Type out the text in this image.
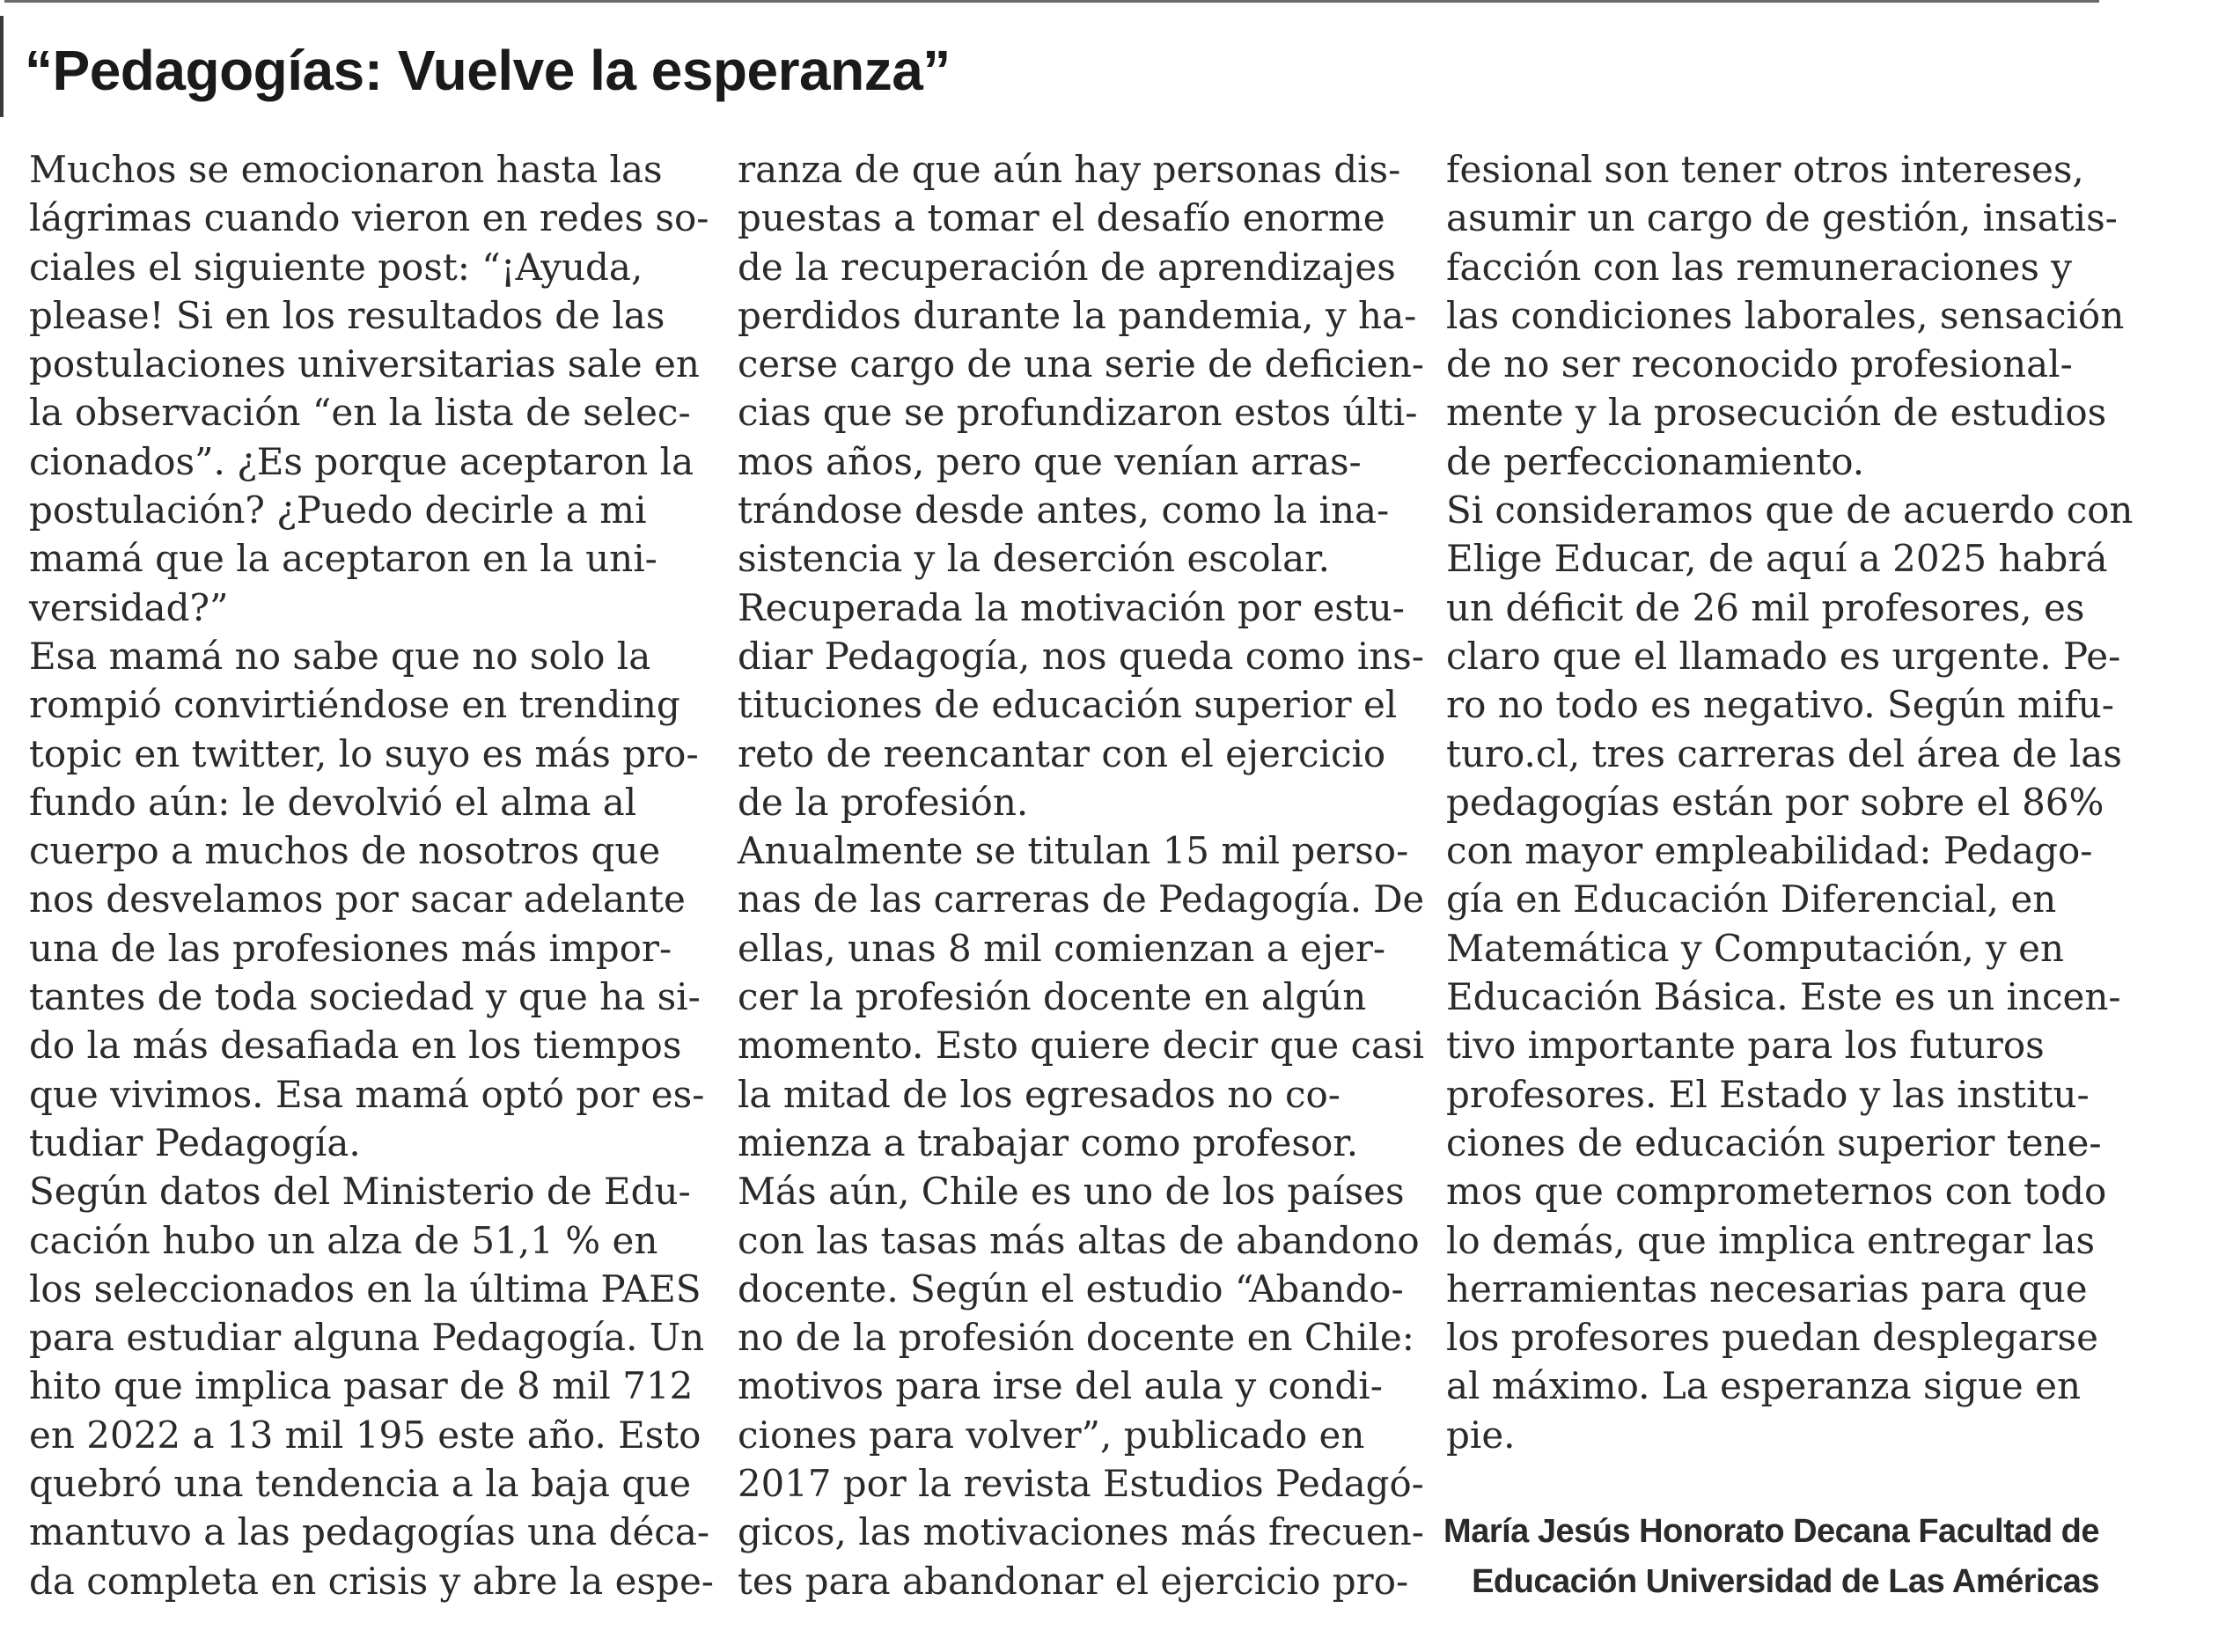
“Pedagogías: Vuelve la esperanza”
Muchos se emocionaron hasta las
lágrimas cuando vieron en redes so-
ciales el siguiente post: “¡Ayuda,
please! Si en los resultados de las
postulaciones universitarias sale en
la observación “en la lista de selec-
cionados”. ¿Es porque aceptaron la
postulación? ¿Puedo decirle a mi
mamá que la aceptaron en la uni-
versidad?”
Esa mamá no sabe que no solo la
rompió convirtiéndose en trending
topic en twitter, lo suyo es más pro-
fundo aún: le devolvió el alma al
cuerpo a muchos de nosotros que
nos desvelamos por sacar adelante
una de las profesiones más impor-
tantes de toda sociedad y que ha si-
do la más desafiada en los tiempos
que vivimos. Esa mamá optó por es-
tudiar Pedagogía.
Según datos del Ministerio de Edu-
cación hubo un alza de 51,1 % en
los seleccionados en la última PAES
para estudiar alguna Pedagogía. Un
hito que implica pasar de 8 mil 712
en 2022 a 13 mil 195 este año. Esto
quebró una tendencia a la baja que
mantuvo a las pedagogías una déca-
da completa en crisis y abre la espe-
ranza de que aún hay personas dis-
puestas a tomar el desafío enorme
de la recuperación de aprendizajes
perdidos durante la pandemia, y ha-
cerse cargo de una serie de deficien-
cias que se profundizaron estos últi-
mos años, pero que venían arras-
trándose desde antes, como la ina-
sistencia y la deserción escolar.
Recuperada la motivación por estu-
diar Pedagogía, nos queda como ins-
tituciones de educación superior el
reto de reencantar con el ejercicio
de la profesión.
Anualmente se titulan 15 mil perso-
nas de las carreras de Pedagogía. De
ellas, unas 8 mil comienzan a ejer-
cer la profesión docente en algún
momento. Esto quiere decir que casi
la mitad de los egresados no co-
mienza a trabajar como profesor.
Más aún, Chile es uno de los países
con las tasas más altas de abandono
docente. Según el estudio “Abando-
no de la profesión docente en Chile:
motivos para irse del aula y condi-
ciones para volver”, publicado en
2017 por la revista Estudios Pedagó-
gicos, las motivaciones más frecuen-
tes para abandonar el ejercicio pro-
fesional son tener otros intereses,
asumir un cargo de gestión, insatis-
facción con las remuneraciones y
las condiciones laborales, sensación
de no ser reconocido profesional-
mente y la prosecución de estudios
de perfeccionamiento.
Si consideramos que de acuerdo con
Elige Educar, de aquí a 2025 habrá
un déficit de 26 mil profesores, es
claro que el llamado es urgente. Pe-
ro no todo es negativo. Según mifu-
turo.cl, tres carreras del área de las
pedagogías están por sobre el 86%
con mayor empleabilidad: Pedago-
gía en Educación Diferencial, en
Matemática y Computación, y en
Educación Básica. Este es un incen-
tivo importante para los futuros
profesores. El Estado y las institu-
ciones de educación superior tene-
mos que comprometernos con todo
lo demás, que implica entregar las
herramientas necesarias para que
los profesores puedan desplegarse
al máximo. La esperanza sigue en
pie.
María Jesús Honorato Decana Facultad de
Educación Universidad de Las Américas
